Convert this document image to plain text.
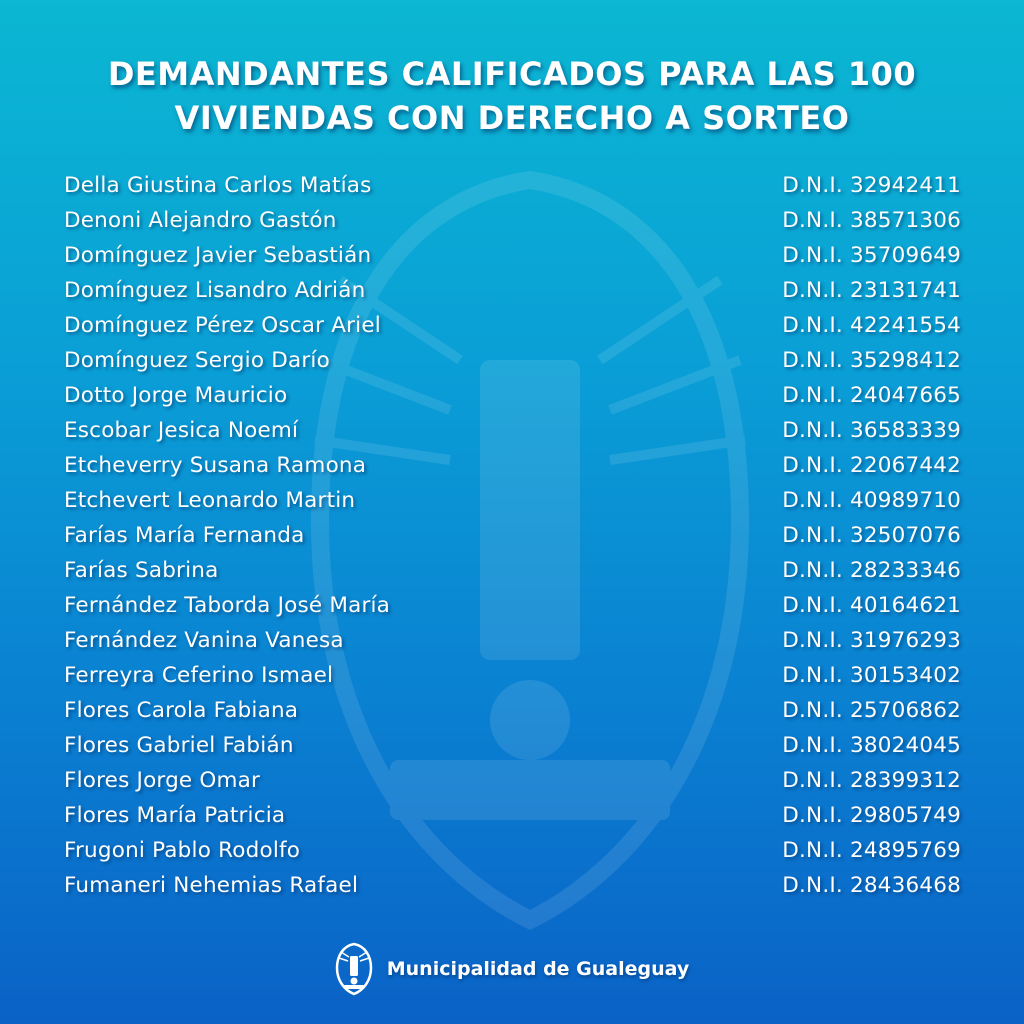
DEMANDANTES CALIFICADOS PARA LAS 100
VIVIENDAS CON DERECHO A SORTEO
Della Giustina Carlos Matías	D.N.I. 32942411
Denoni Alejandro Gastón	D.N.I. 38571306
Domínguez Javier Sebastián	D.N.I. 35709649
Domínguez Lisandro Adrián	D.N.I. 23131741
Domínguez Pérez Oscar Ariel	D.N.I. 42241554
Domínguez Sergio Darío	D.N.I. 35298412
Dotto Jorge Mauricio	D.N.I. 24047665
Escobar Jesica Noemí	D.N.I. 36583339
Etcheverry Susana Ramona	D.N.I. 22067442
Etchevert Leonardo Martin	D.N.I. 40989710
Farías María Fernanda	D.N.I. 32507076
Farías Sabrina	D.N.I. 28233346
Fernández Taborda José María	D.N.I. 40164621
Fernández Vanina Vanesa	D.N.I. 31976293
Ferreyra Ceferino Ismael	D.N.I. 30153402
Flores Carola Fabiana	D.N.I. 25706862
Flores Gabriel Fabián	D.N.I. 38024045
Flores Jorge Omar	D.N.I. 28399312
Flores María Patricia	D.N.I. 29805749
Frugoni Pablo Rodolfo	D.N.I. 24895769
Fumaneri Nehemias Rafael	D.N.I. 28436468
Municipalidad de Gualeguay
